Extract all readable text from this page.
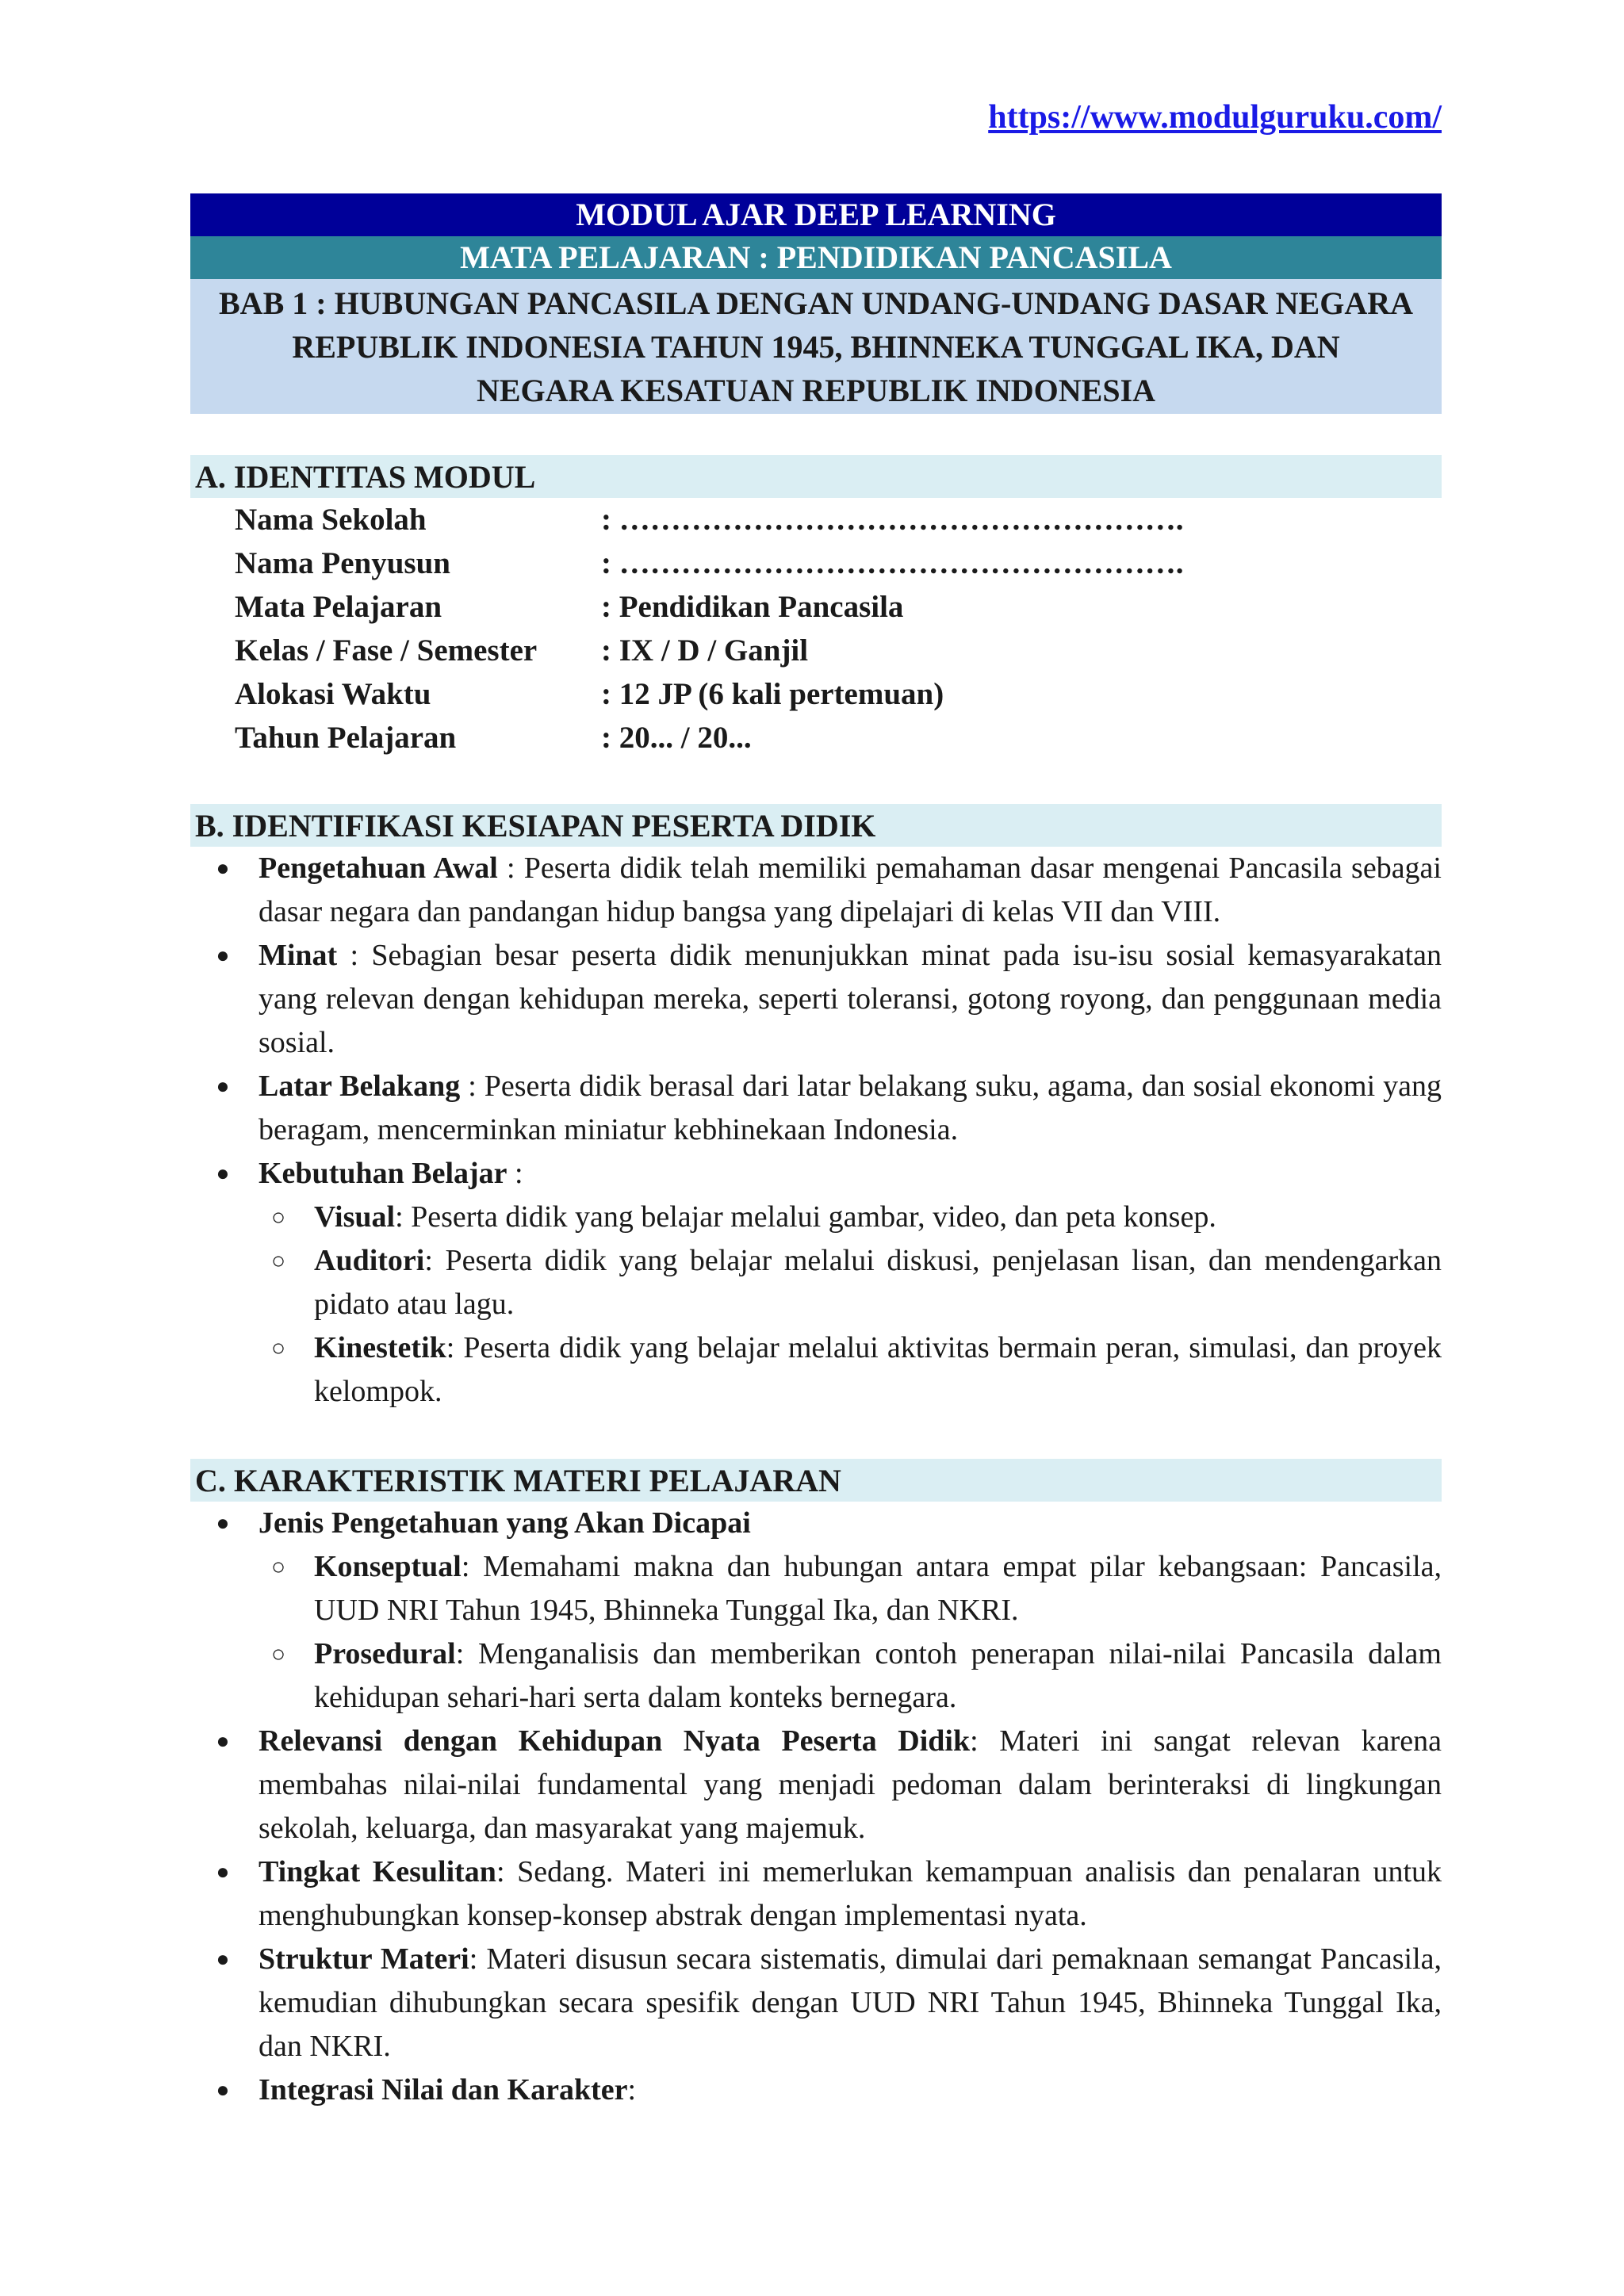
https://www.modulguruku.com/
MODUL AJAR DEEP LEARNING
MATA PELAJARAN : PENDIDIKAN PANCASILA
BAB 1 : HUBUNGAN PANCASILA DENGAN UNDANG-UNDANG DASAR NEGARA
REPUBLIK INDONESIA TAHUN 1945, BHINNEKA TUNGGAL IKA, DAN
NEGARA KESATUAN REPUBLIK INDONESIA
A. IDENTITAS MODUL
Nama Sekolah	: ……………………………………………….
Nama Penyusun	: ……………………………………………….
Mata Pelajaran	: Pendidikan Pancasila
Kelas / Fase / Semester	: IX / D / Ganjil
Alokasi Waktu	: 12 JP (6 kali pertemuan)
Tahun Pelajaran	: 20... / 20...
B. IDENTIFIKASI KESIAPAN PESERTA DIDIK
● Pengetahuan Awal : Peserta didik telah memiliki pemahaman dasar mengenai Pancasila sebagai dasar negara dan pandangan hidup bangsa yang dipelajari di kelas VII dan VIII.
● Minat : Sebagian besar peserta didik menunjukkan minat pada isu-isu sosial kemasyarakatan yang relevan dengan kehidupan mereka, seperti toleransi, gotong royong, dan penggunaan media sosial.
● Latar Belakang : Peserta didik berasal dari latar belakang suku, agama, dan sosial ekonomi yang beragam, mencerminkan miniatur kebhinekaan Indonesia.
● Kebutuhan Belajar :
○ Visual: Peserta didik yang belajar melalui gambar, video, dan peta konsep.
○ Auditori: Peserta didik yang belajar melalui diskusi, penjelasan lisan, dan mendengarkan pidato atau lagu.
○ Kinestetik: Peserta didik yang belajar melalui aktivitas bermain peran, simulasi, dan proyek kelompok.
C. KARAKTERISTIK MATERI PELAJARAN
● Jenis Pengetahuan yang Akan Dicapai
○ Konseptual: Memahami makna dan hubungan antara empat pilar kebangsaan: Pancasila, UUD NRI Tahun 1945, Bhinneka Tunggal Ika, dan NKRI.
○ Prosedural: Menganalisis dan memberikan contoh penerapan nilai-nilai Pancasila dalam kehidupan sehari-hari serta dalam konteks bernegara.
● Relevansi dengan Kehidupan Nyata Peserta Didik: Materi ini sangat relevan karena membahas nilai-nilai fundamental yang menjadi pedoman dalam berinteraksi di lingkungan sekolah, keluarga, dan masyarakat yang majemuk.
● Tingkat Kesulitan: Sedang. Materi ini memerlukan kemampuan analisis dan penalaran untuk menghubungkan konsep-konsep abstrak dengan implementasi nyata.
● Struktur Materi: Materi disusun secara sistematis, dimulai dari pemaknaan semangat Pancasila, kemudian dihubungkan secara spesifik dengan UUD NRI Tahun 1945, Bhinneka Tunggal Ika, dan NKRI.
● Integrasi Nilai dan Karakter:
